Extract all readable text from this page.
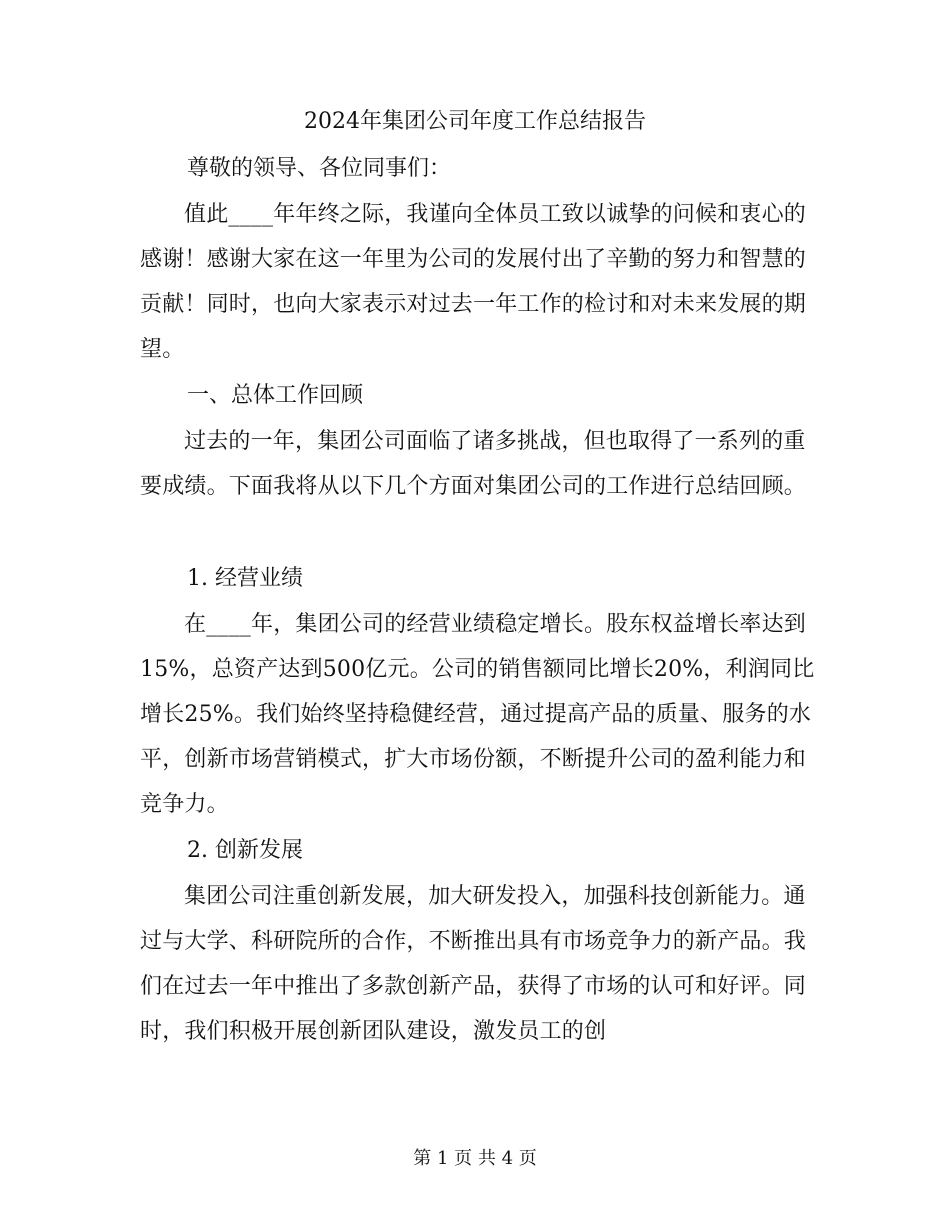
2024年集团公司年度工作总结报告

尊敬的领导、各位同事们：

值此____年年终之际，我谨向全体员工致以诚挚的问候和衷心的感谢！感谢大家在这一年里为公司的发展付出了辛勤的努力和智慧的贡献！同时，也向大家表示对过去一年工作的检讨和对未来发展的期望。

一、总体工作回顾

过去的一年，集团公司面临了诸多挑战，但也取得了一系列的重要成绩。下面我将从以下几个方面对集团公司的工作进行总结回顾。

1. 经营业绩

在____年，集团公司的经营业绩稳定增长。股东权益增长率达到15%，总资产达到500亿元。公司的销售额同比增长20%，利润同比增长25%。我们始终坚持稳健经营，通过提高产品的质量、服务的水平，创新市场营销模式，扩大市场份额，不断提升公司的盈利能力和竞争力。

2. 创新发展

集团公司注重创新发展，加大研发投入，加强科技创新能力。通过与大学、科研院所的合作，不断推出具有市场竞争力的新产品。我们在过去一年中推出了多款创新产品，获得了市场的认可和好评。同时，我们积极开展创新团队建设，激发员工的创

第 1 页 共 4 页
